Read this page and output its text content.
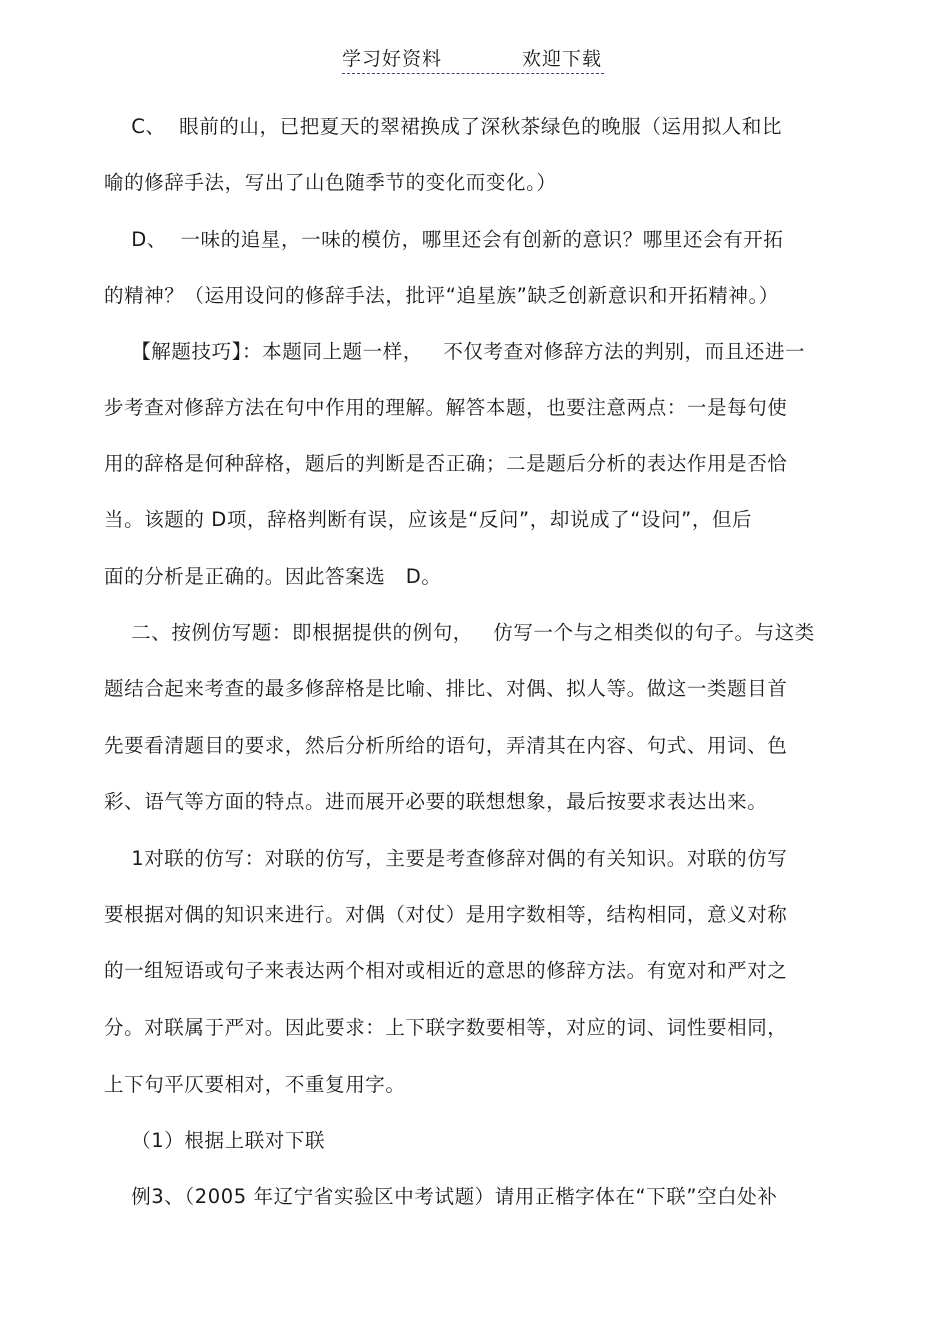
学习好资料	欢迎下载
C、  眼前的山，已把夏天的翠裙换成了深秋茶绿色的晚服（运用拟人和比
喻的修辞手法，写出了山色随季节的变化而变化。）
D、  一味的追星，一味的模仿，哪里还会有创新的意识？哪里还会有开拓
的精神？（运用设问的修辞手法，批评“追星族”缺乏创新意识和开拓精神。）
【解题技巧】：本题同上题一样，   不仅考查对修辞方法的判别，而且还进一
步考查对修辞方法在句中作用的理解。解答本题，也要注意两点：一是每句使
用的辞格是何种辞格，题后的判断是否正确；二是题后分析的表达作用是否恰
当。该题的 D项，辞格判断有误，应该是“反问”，却说成了“设问”，但后
面的分析是正确的。因此答案选   D。
二、按例仿写题：即根据提供的例句，   仿写一个与之相类似的句子。与这类
题结合起来考查的最多修辞格是比喻、排比、对偶、拟人等。做这一类题目首
先要看清题目的要求，然后分析所给的语句，弄清其在内容、句式、用词、色
彩、语气等方面的特点。进而展开必要的联想想象，最后按要求表达出来。
1对联的仿写：对联的仿写，主要是考查修辞对偶的有关知识。对联的仿写
要根据对偶的知识来进行。对偶（对仗）是用字数相等，结构相同，意义对称
的一组短语或句子来表达两个相对或相近的意思的修辞方法。有宽对和严对之
分。对联属于严对。因此要求：上下联字数要相等，对应的词、词性要相同，
上下句平仄要相对，不重复用字。
（1）根据上联对下联
例3、（2005 年辽宁省实验区中考试题）请用正楷字体在“下联”空白处补
